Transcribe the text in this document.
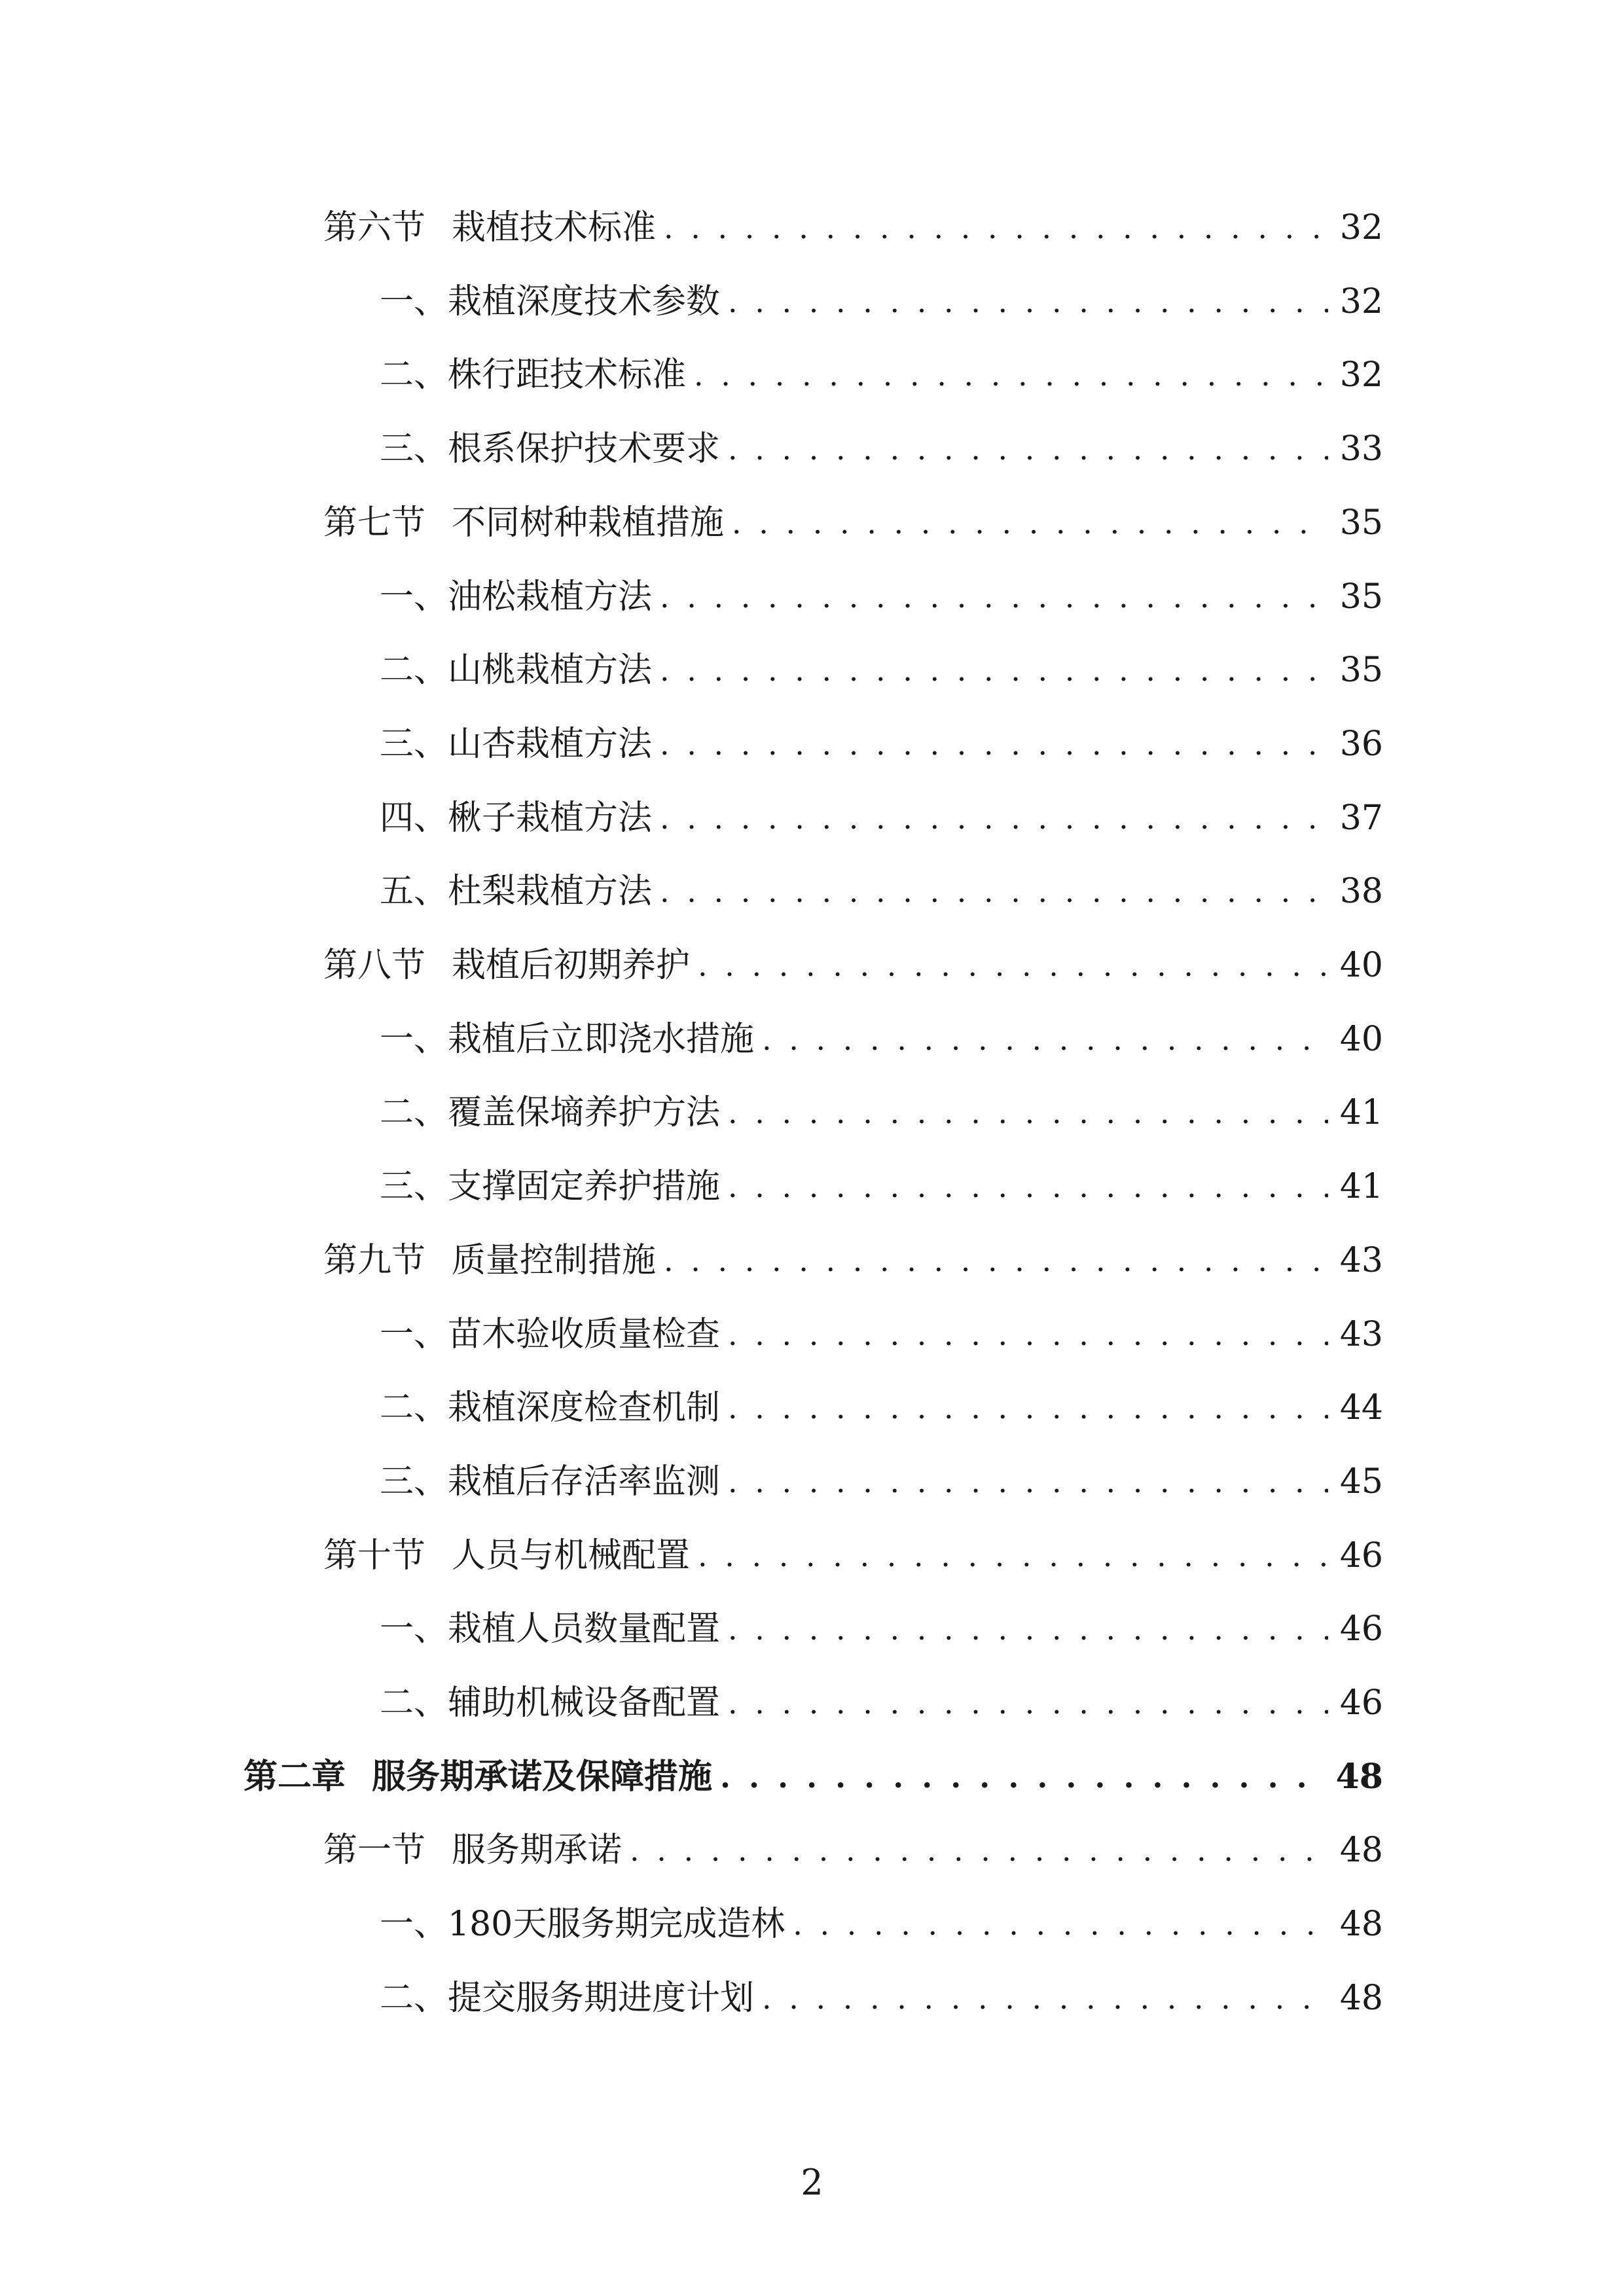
第六节 栽植技术标准 . . .	32
一、 栽植深度技术参数 . . .	32
二、 株行距技术标准 . . .	32
三、 根系保护技术要求 . . .	33
第七节 不同树种栽植措施 . . .	35
一、 油松栽植方法 . . .	35
二、 山桃栽植方法 . . .	35
三、 山杏栽植方法 . . .	36
四、 楸子栽植方法 . . .	37
五、 杜梨栽植方法 . . .	38
第八节 栽植后初期养护 . . .	40
一、 栽植后立即浇水措施 . . .	40
二、 覆盖保墒养护方法 . . .	41
三、 支撑固定养护措施 . . .	41
第九节 质量控制措施 . . .	43
一、 苗木验收质量检查 . . .	43
二、 栽植深度检查机制 . . .	44
三、 栽植后存活率监测 . . .	45
第十节 人员与机械配置 . . .	46
一、 栽植人员数量配置 . . .	46
二、 辅助机械设备配置 . . .	46
第二章 服务期承诺及保障措施 . . .	48
第一节 服务期承诺 . . .	48
一、 180天服务期完成造林 . . .	48
二、 提交服务期进度计划 . . .	48
2
